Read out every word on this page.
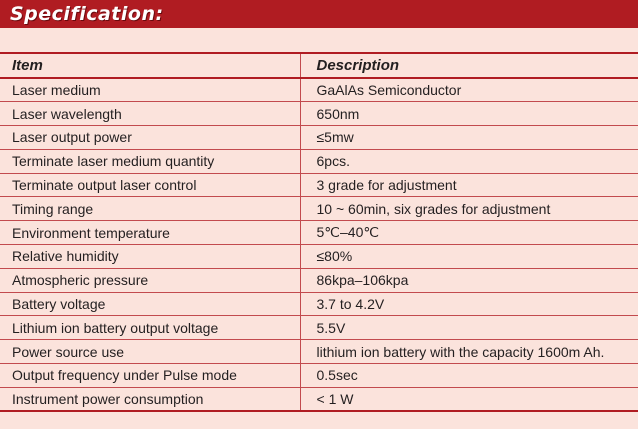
Specification:
Item	Description
Laser medium	GaAlAs Semiconductor
Laser wavelength	650nm
Laser output power	≤5mw
Terminate laser medium quantity	6pcs.
Terminate output laser control	3 grade for adjustment
Timing range	10 ~ 60min, six grades for adjustment
Environment temperature	5℃–40℃
Relative humidity	≤80%
Atmospheric pressure	86kpa–106kpa
Battery voltage	3.7 to 4.2V
Lithium ion battery output voltage	5.5V
Power source use	lithium ion battery with the capacity 1600m Ah.
Output frequency under Pulse mode	0.5sec
Instrument power consumption	< 1 W
